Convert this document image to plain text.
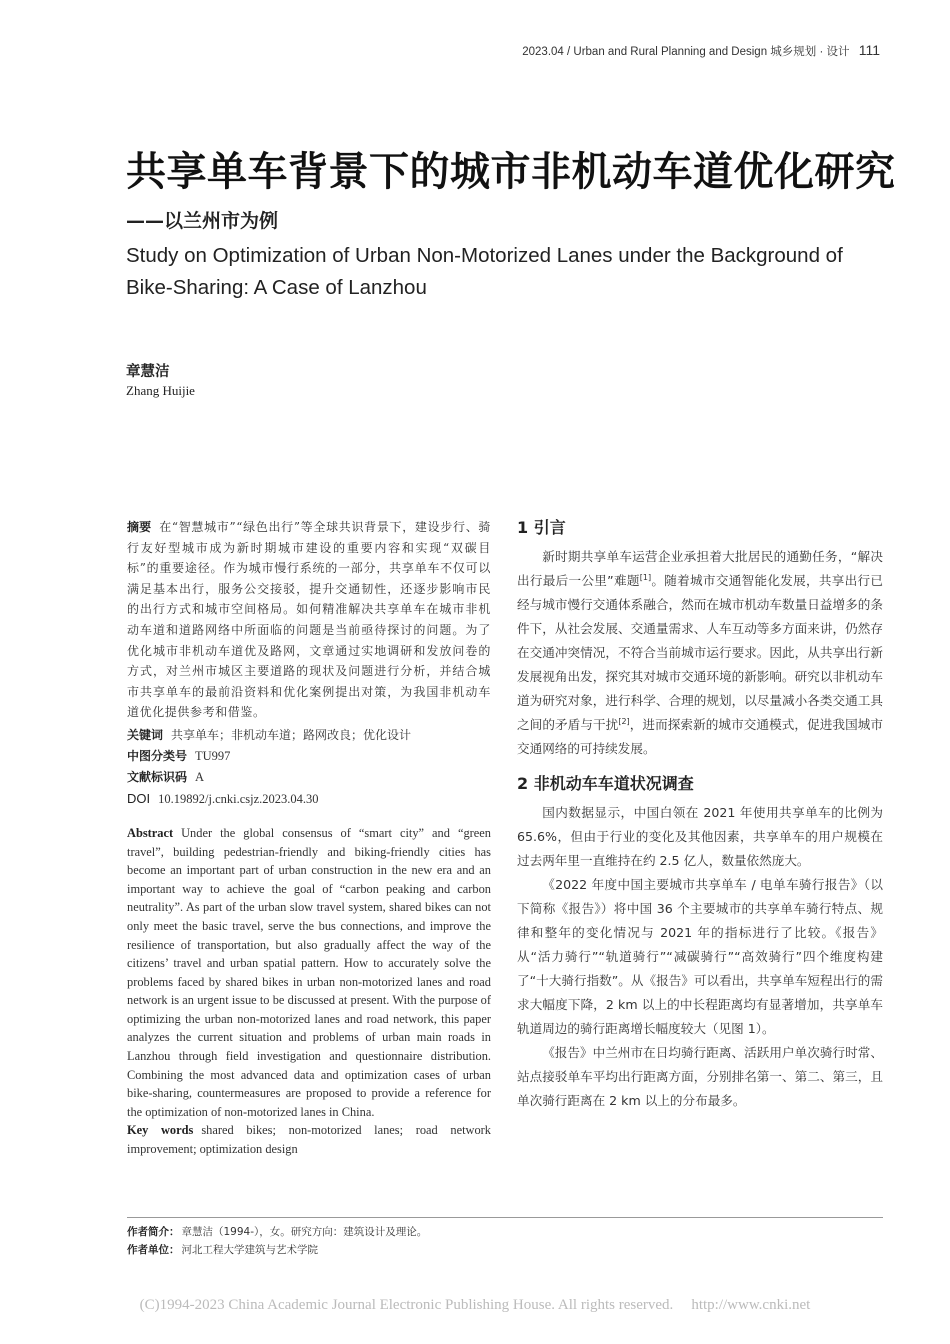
2023.04 / Urban and Rural Planning and Design 城乡规划 · 设计 111
共享单车背景下的城市非机动车道优化研究
——以兰州市为例
Study on Optimization of Urban Non-Motorized Lanes under the Background of Bike-Sharing: A Case of Lanzhou
章慧洁
Zhang Huijie

摘要 在“智慧城市”“绿色出行”等全球共识背景下，建设步行、骑行友好型城市成为新时期城市建设的重要内容和实现“双碳目标”的重要途径。作为城市慢行系统的一部分，共享单车不仅可以满足基本出行，服务公交接驳，提升交通韧性，还逐步影响市民的出行方式和城市空间格局。如何精准解决共享单车在城市非机动车道和道路网络中所面临的问题是当前亟待探讨的问题。为了优化城市非机动车道优及路网，文章通过实地调研和发放问卷的方式，对兰州市城区主要道路的现状及问题进行分析，并结合城市共享单车的最前沿资料和优化案例提出对策，为我国非机动车道优化提供参考和借鉴。

关键词 共享单车；非机动车道；路网改良；优化设计
中图分类号 TU997
文献标识码 A
DOI 10.19892/j.cnki.csjz.2023.04.30
Abstract Under the global consensus of “smart city” and “green travel”, building pedestrian-friendly and biking-friendly cities has become an important part of urban construction in the new era and an important way to achieve the goal of “carbon peaking and carbon neutrality”. As part of the urban slow travel system, shared bikes can not only meet the basic travel, serve the bus connections, and improve the resilience of transportation, but also gradually affect the way of the citizens’ travel and urban spatial pattern. How to accurately solve the problems faced by shared bikes in urban non-motorized lanes and road network is an urgent issue to be discussed at present. With the purpose of optimizing the urban non-motorized lanes and road network, this paper analyzes the current situation and problems of urban main roads in Lanzhou through field investigation and questionnaire distribution. Combining the most advanced data and optimization cases of urban bike-sharing, countermeasures are proposed to provide a reference for the optimization of non-motorized lanes in China.
Key words shared bikes; non-motorized lanes; road network improvement; optimization design
1 引言

新时期共享单车运营企业承担着大批居民的通勤任务，“解决出行最后一公里”难题[1]。随着城市交通智能化发展，共享出行已经与城市慢行交通体系融合，然而在城市机动车数量日益增多的条件下，从社会发展、交通量需求、人车互动等多方面来讲，仍然存在交通冲突情况，不符合当前城市运行要求。因此，从共享出行新发展视角出发，探究其对城市交通环境的新影响。研究以非机动车道为研究对象，进行科学、合理的规划，以尽量减小各类交通工具之间的矛盾与干扰[2]，进而探索新的城市交通模式，促进我国城市交通网络的可持续发展。

2 非机动车车道状况调查

国内数据显示，中国白领在 2021 年使用共享单车的比例为 65.6%，但由于行业的变化及其他因素，共享单车的用户规模在过去两年里一直维持在约 2.5 亿人，数量依然庞大。

《2022 年度中国主要城市共享单车 / 电单车骑行报告》（以下简称《报告》）将中国 36 个主要城市的共享单车骑行特点、规律和整年的变化情况与 2021 年的指标进行了比较。《报告》从“活力骑行”“轨道骑行”“减碳骑行”“高效骑行”四个维度构建了“十大骑行指数”。从《报告》可以看出，共享单车短程出行的需求大幅度下降，2 km 以上的中长程距离均有显著增加，共享单车轨道周边的骑行距离增长幅度较大（见图 1）。

《报告》中兰州市在日均骑行距离、活跃用户单次骑行时常、站点接驳单车平均出行距离方面，分别排名第一、第二、第三，且单次骑行距离在 2 km 以上的分布最多。

作者简介： 章慧洁（1994-），女。研究方向：建筑设计及理论。
作者单位： 河北工程大学建筑与艺术学院
(C)1994-2023 China Academic Journal Electronic Publishing House. All rights reserved. http://www.cnki.net
